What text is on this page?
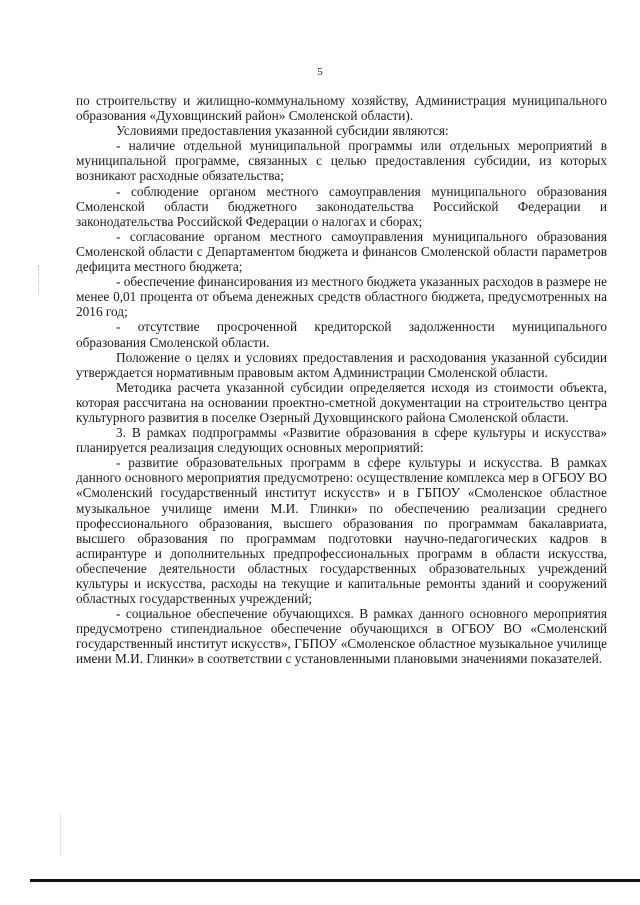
5

по строительству и жилищно-коммунальному хозяйству, Администрация муниципального образования «Духовщинский район» Смоленской области).

Условиями предоставления указанной субсидии являются:

- наличие отдельной муниципальной программы или отдельных мероприятий в муниципальной программе, связанных с целью предоставления субсидии, из которых возникают расходные обязательства;

- соблюдение органом местного самоуправления муниципального образования Смоленской области бюджетного законодательства Российской Федерации и законодательства Российской Федерации о налогах и сборах;

- согласование органом местного самоуправления муниципального образования Смоленской области с Департаментом бюджета и финансов Смоленской области параметров дефицита местного бюджета;

- обеспечение финансирования из местного бюджета указанных расходов в размере не менее 0,01 процента от объема денежных средств областного бюджета, предусмотренных на 2016 год;

- отсутствие просроченной кредиторской задолженности муниципального образования Смоленской области.

Положение о целях и условиях предоставления и расходования указанной субсидии утверждается нормативным правовым актом Администрации Смоленской области.

Методика расчета указанной субсидии определяется исходя из стоимости объекта, которая рассчитана на основании проектно-сметной документации на строительство центра культурного развития в поселке Озерный Духовщинского района Смоленской области.

3. В рамках подпрограммы «Развитие образования в сфере культуры и искусства» планируется реализация следующих основных мероприятий:

- развитие образовательных программ в сфере культуры и искусства. В рамках данного основного мероприятия предусмотрено: осуществление комплекса мер в ОГБОУ ВО «Смоленский государственный институт искусств» и в ГБПОУ «Смоленское областное музыкальное училище имени М.И. Глинки» по обеспечению реализации среднего профессионального образования, высшего образования по программам бакалавриата, высшего образования по программам подготовки научно-педагогических кадров в аспирантуре и дополнительных предпрофессиональных программ в области искусства, обеспечение деятельности областных государственных образовательных учреждений культуры и искусства, расходы на текущие и капитальные ремонты зданий и сооружений областных государственных учреждений;

- социальное обеспечение обучающихся. В рамках данного основного мероприятия предусмотрено стипендиальное обеспечение обучающихся в ОГБОУ ВО «Смоленский государственный институт искусств», ГБПОУ «Смоленское областное музыкальное училище имени М.И. Глинки» в соответствии с установленными плановыми значениями показателей.
